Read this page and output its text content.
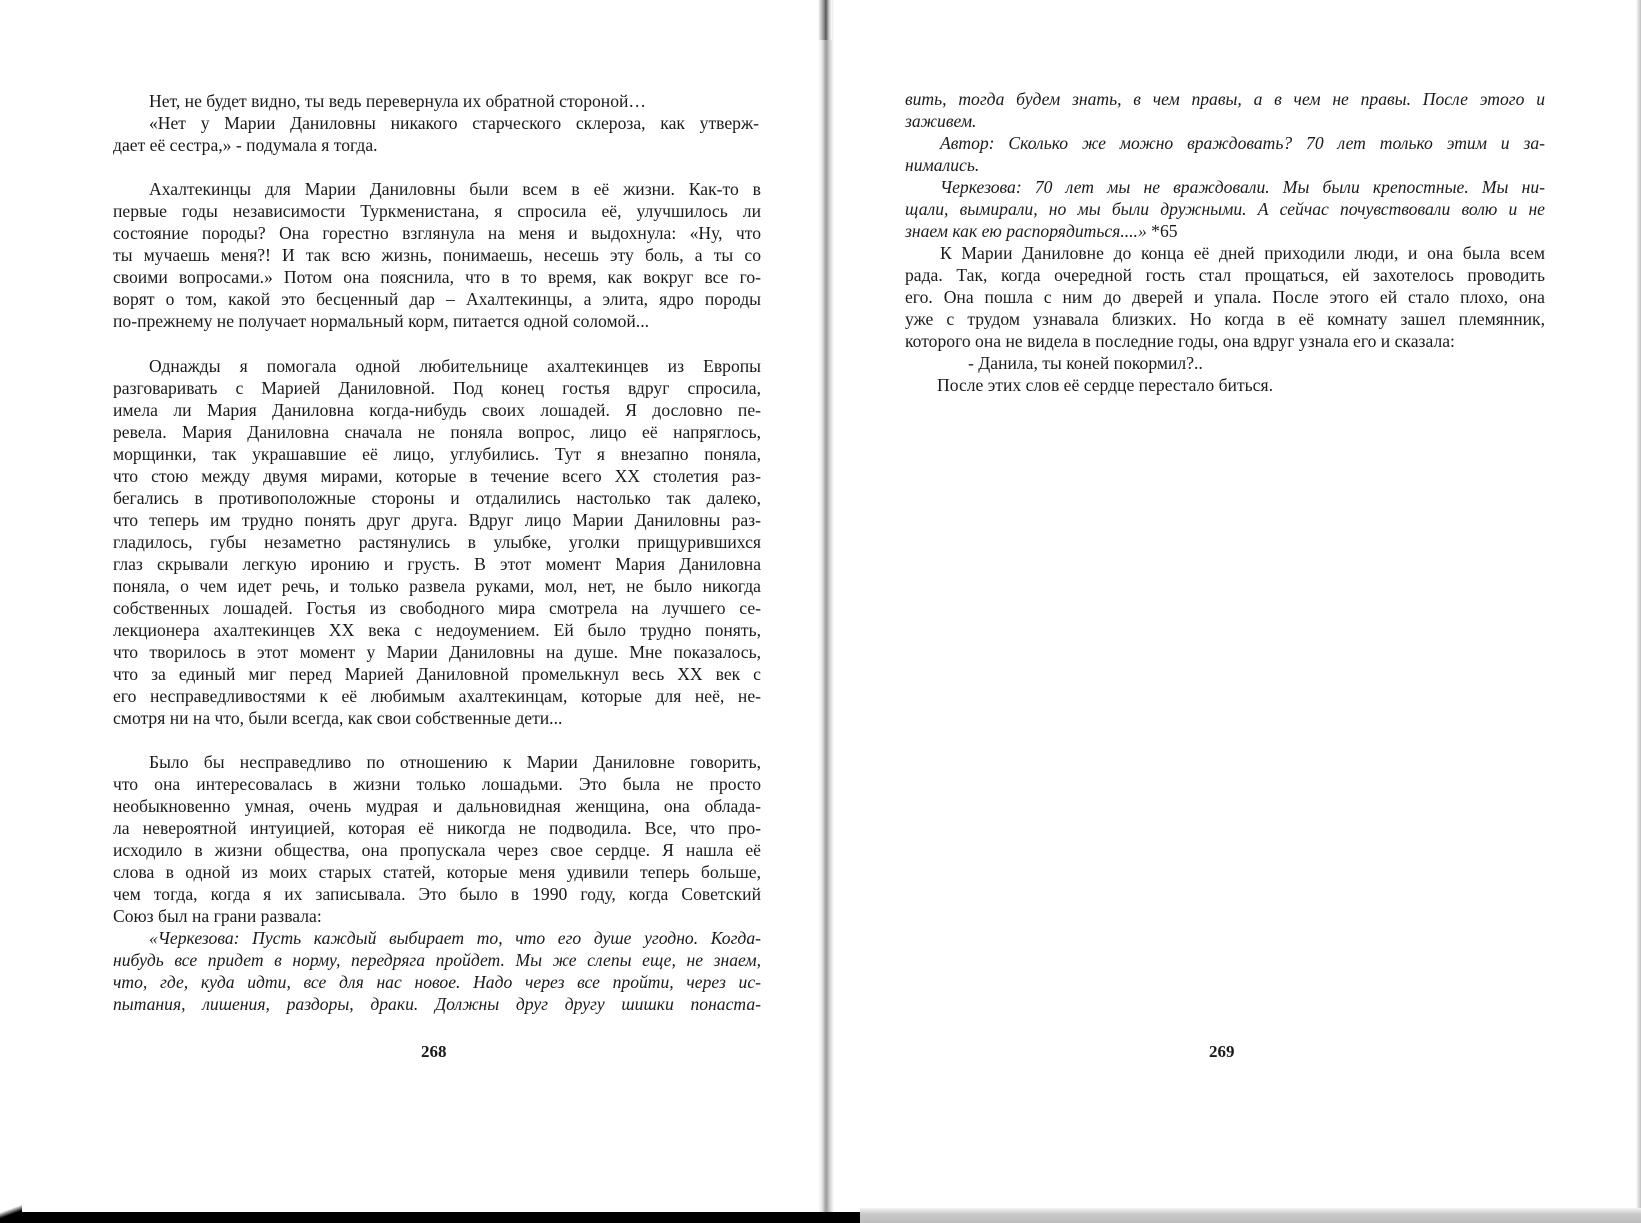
Нет, не будет видно, ты ведь перевернула их обратной стороной…
«Нет у Марии Даниловны никакого старческого склероза, как утверж-
дает её сестра,» - подумала я тогда.
Ахалтекинцы для Марии Даниловны были всем в её жизни. Как-то в
первые годы независимости Туркменистана, я спросила её, улучшилось ли
состояние породы? Она горестно взглянула на меня и выдохнула: «Ну, что
ты мучаешь меня?! И так всю жизнь, понимаешь, несешь эту боль, а ты со
своими вопросами.» Потом она пояснила, что в то время, как вокруг все го-
ворят о том, какой это бесценный дар – Ахалтекинцы, а элита, ядро породы
по-прежнему не получает нормальный корм, питается одной соломой...
Однажды я помогала одной любительнице ахалтекинцев из Европы
разговаривать с Марией Даниловной. Под конец гостья вдруг спросила,
имела ли Мария Даниловна когда-нибудь своих лошадей. Я дословно пе-
ревела. Мария Даниловна сначала не поняла вопрос, лицо её напряглось,
морщинки, так украшавшие её лицо, углубились. Тут я внезапно поняла,
что стою между двумя мирами, которые в течение всего XX столетия раз-
бегались в противоположные стороны и отдалились настолько так далеко,
что теперь им трудно понять друг друга. Вдруг лицо Марии Даниловны раз-
гладилось, губы незаметно растянулись в улыбке, уголки прищурившихся
глаз скрывали легкую иронию и грусть. В этот момент Мария Даниловна
поняла, о чем идет речь, и только развела руками, мол, нет, не было никогда
собственных лошадей. Гостья из свободного мира смотрела на лучшего се-
лекционера ахалтекинцев XX века с недоумением. Ей было трудно понять,
что творилось в этот момент у Марии Даниловны на душе. Мне показалось,
что за единый миг перед Марией Даниловной промелькнул весь XX век с
его несправедливостями к её любимым ахалтекинцам, которые для неё, не-
смотря ни на что, были всегда, как свои собственные дети...
Было бы несправедливо по отношению к Марии Даниловне говорить,
что она интересовалась в жизни только лошадьми. Это была не просто
необыкновенно умная, очень мудрая и дальновидная женщина, она облада-
ла невероятной интуицией, которая её никогда не подводила. Все, что про-
исходило в жизни общества, она пропускала через свое сердце. Я нашла её
слова в одной из моих старых статей, которые меня удивили теперь больше,
чем тогда, когда я их записывала. Это было в 1990 году, когда Советский
Союз был на грани развала:
«Черкезова: Пусть каждый выбирает то, что его душе угодно. Когда-
нибудь все придет в норму, передряга пройдет. Мы же слепы еще, не знаем,
что, где, куда идти, все для нас новое. Надо через все пройти, через ис-
пытания, лишения, раздоры, драки. Должны друг другу шишки понаста-
268
вить, тогда будем знать, в чем правы, а в чем не правы. После этого и
заживем.
Автор: Сколько же можно враждовать? 70 лет только этим и за-
нимались.
Черкезова: 70 лет мы не враждовали. Мы были крепостные. Мы ни-
щали, вымирали, но мы были дружными. А сейчас почувствовали волю и не
знаем как ею распорядиться....» *65
К Марии Даниловне до конца её дней приходили люди, и она была всем
рада. Так, когда очередной гость стал прощаться, ей захотелось проводить
его. Она пошла с ним до дверей и упала. После этого ей стало плохо, она
уже с трудом узнавала близких. Но когда в её комнату зашел племянник,
которого она не видела в последние годы, она вдруг узнала его и сказала:
- Данила, ты коней покормил?..
После этих слов её сердце перестало биться.
269
